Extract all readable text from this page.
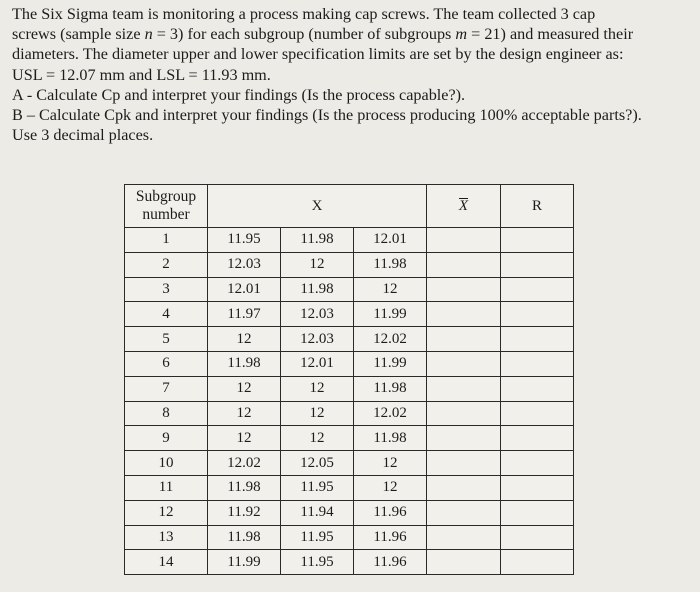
The Six Sigma team is monitoring a process making cap screws. The team collected 3 cap

screws (sample size n = 3) for each subgroup (number of subgroups m = 21) and measured their

diameters. The diameter upper and lower specification limits are set by the design engineer as:

USL = 12.07 mm and LSL = 11.93 mm.

A - Calculate Cp and interpret your findings (Is the process capable?).

B – Calculate Cpk and interpret your findings (Is the process producing 100% acceptable parts?).

Use 3 decimal places.

Subgroup number	X			X	R
1	11.95	11.98	12.01		
2	12.03	12	11.98		
3	12.01	11.98	12		
4	11.97	12.03	11.99		
5	12	12.03	12.02		
6	11.98	12.01	11.99		
7	12	12	11.98		
8	12	12	12.02		
9	12	12	11.98		
10	12.02	12.05	12		
11	11.98	11.95	12		
12	11.92	11.94	11.96		
13	11.98	11.95	11.96		
14	11.99	11.95	11.96		
